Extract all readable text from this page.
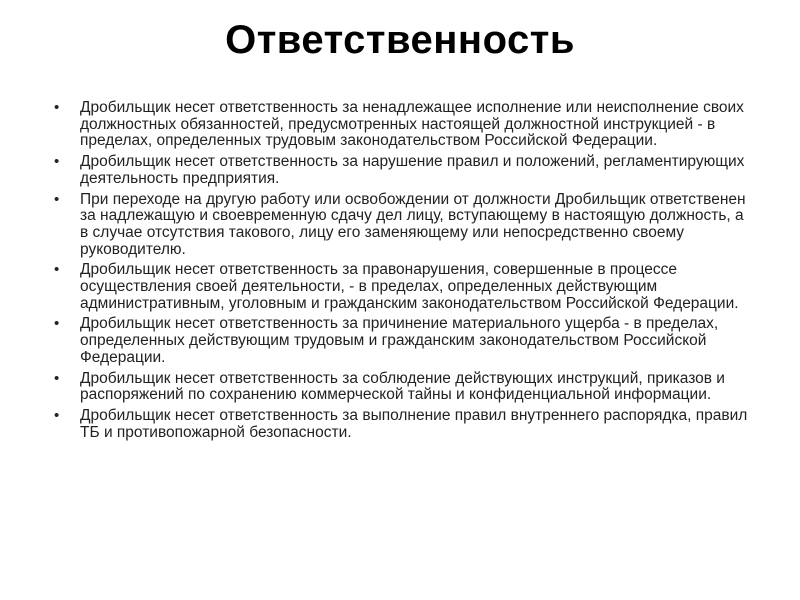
Ответственность
• Дробильщик несет ответственность за ненадлежащее исполнение или неисполнение своих должностных обязанностей, предусмотренных настоящей должностной инструкцией - в пределах, определенных трудовым законодательством Российской Федерации.
• Дробильщик несет ответственность за нарушение правил и положений, регламентирующих деятельность предприятия.
• При переходе на другую работу или освобождении от должности Дробильщик ответственен за надлежащую и своевременную сдачу дел лицу, вступающему в настоящую должность, а в случае отсутствия такового, лицу его заменяющему или непосредственно своему руководителю.
• Дробильщик несет ответственность за правонарушения, совершенные в процессе осуществления своей деятельности, - в пределах, определенных действующим административным, уголовным и гражданским законодательством Российской Федерации.
• Дробильщик несет ответственность за причинение материального ущерба - в пределах, определенных действующим трудовым и гражданским законодательством Российской Федерации.
• Дробильщик несет ответственность за соблюдение действующих инструкций, приказов и распоряжений по сохранению коммерческой тайны и конфиденциальной информации.
• Дробильщик несет ответственность за выполнение правил внутреннего распорядка, правил ТБ и противопожарной безопасности.
